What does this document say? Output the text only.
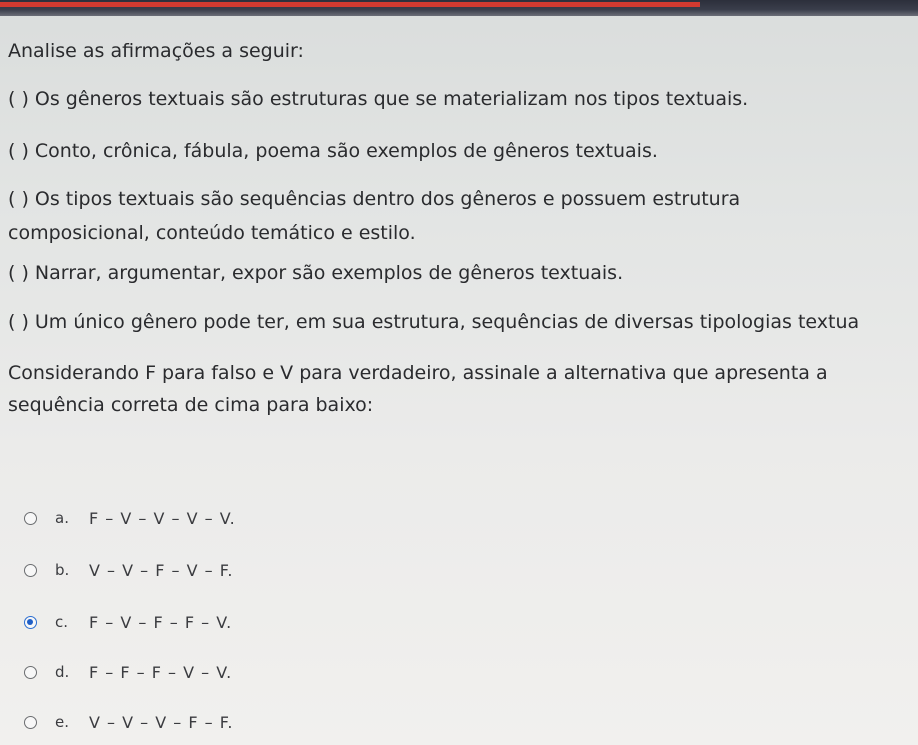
Analise as afirmações a seguir:
( ) Os gêneros textuais são estruturas que se materializam nos tipos textuais.
( ) Conto, crônica, fábula, poema são exemplos de gêneros textuais.
( ) Os tipos textuais são sequências dentro dos gêneros e possuem estrutura
composicional, conteúdo temático e estilo.
( ) Narrar, argumentar, expor são exemplos de gêneros textuais.
( ) Um único gênero pode ter, em sua estrutura, sequências de diversas tipologias textua
Considerando F para falso e V para verdadeiro, assinale a alternativa que apresenta a
sequência correta de cima para baixo:
a.	F – V – V – V – V.
b.	V – V – F – V – F.
c.	F – V – F – F – V.
d.	F – F – F – V – V.
e.	V – V – V – F – F.
